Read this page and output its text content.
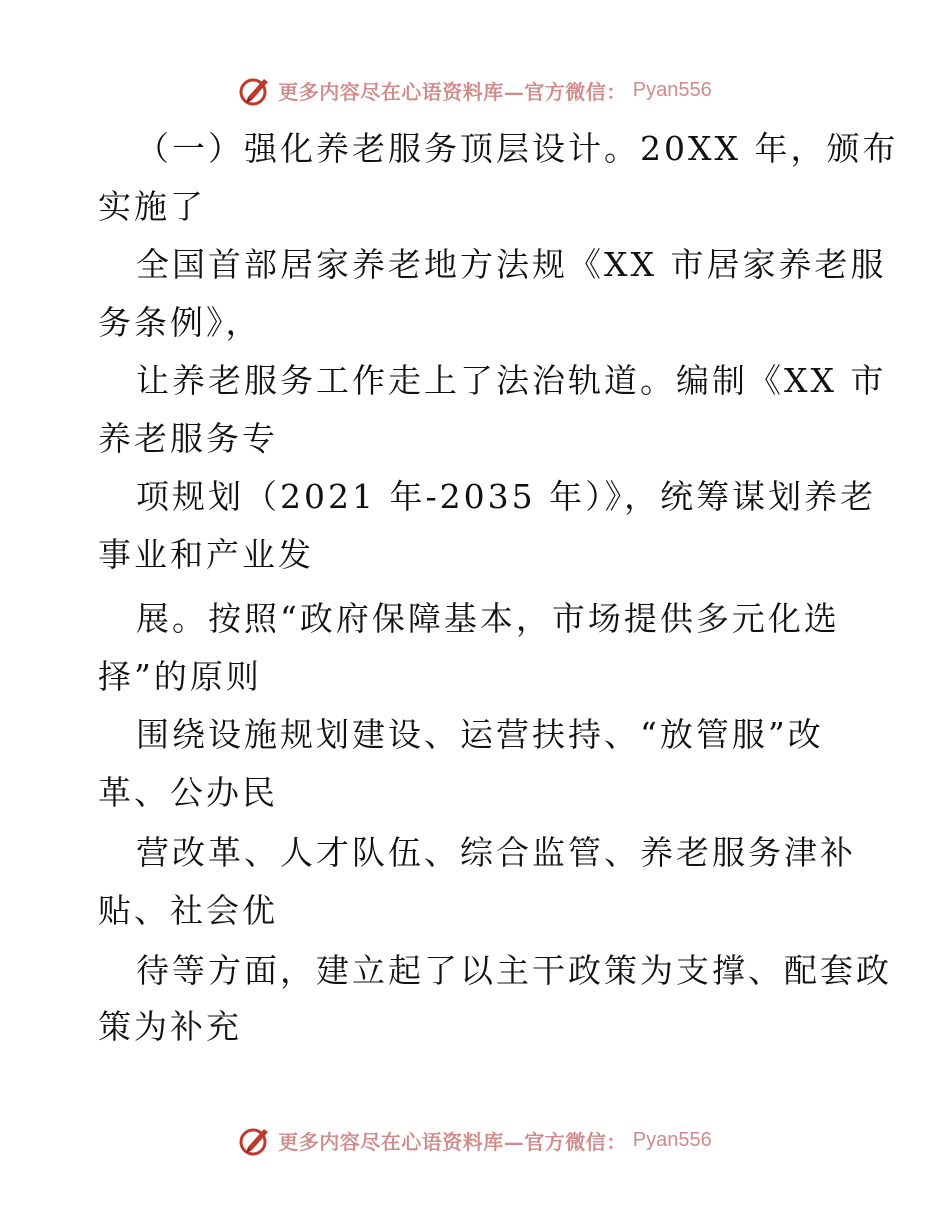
更多内容尽在心语资料库—官方微信： Pyan556
（一）强化养老服务顶层设计。20XX 年，颁布
实施了
全国首部居家养老地方法规《XX 市居家养老服
务条例》，
让养老服务工作走上了法治轨道。编制《XX 市
养老服务专
项规划（2021 年-2035 年）》，统筹谋划养老
事业和产业发
展。按照“政府保障基本，市场提供多元化选
择”的原则
围绕设施规划建设、运营扶持、“放管服”改
革、公办民
营改革、人才队伍、综合监管、养老服务津补
贴、社会优
待等方面，建立起了以主干政策为支撑、配套政
策为补充
更多内容尽在心语资料库—官方微信： Pyan556
